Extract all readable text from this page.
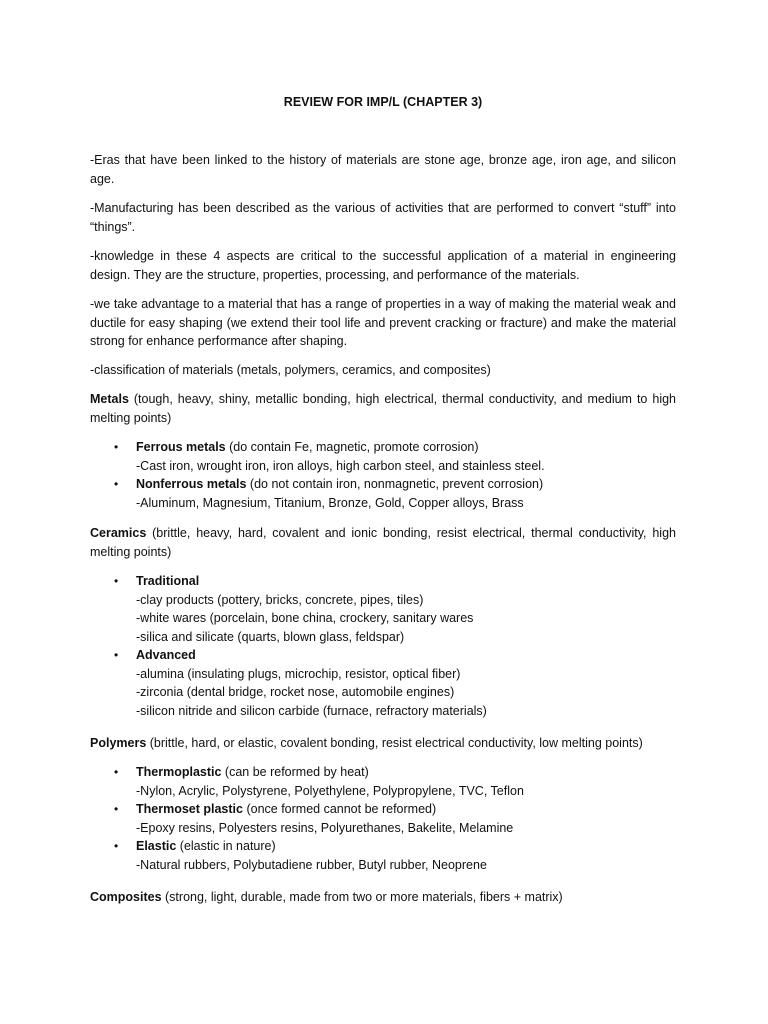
REVIEW FOR IMP/L (CHAPTER 3)

-Eras that have been linked to the history of materials are stone age, bronze age, iron age, and silicon age.

-Manufacturing has been described as the various of activities that are performed to convert “stuff” into “things”.

-knowledge in these 4 aspects are critical to the successful application of a material in engineering design. They are the structure, properties, processing, and performance of the materials.

-we take advantage to a material that has a range of properties in a way of making the material weak and ductile for easy shaping (we extend their tool life and prevent cracking or fracture) and make the material strong for enhance performance after shaping.

-classification of materials (metals, polymers, ceramics, and composites)

Metals (tough, heavy, shiny, metallic bonding, high electrical, thermal conductivity, and medium to high melting points)

• Ferrous metals (do contain Fe, magnetic, promote corrosion)
-Cast iron, wrought iron, iron alloys, high carbon steel, and stainless steel.
• Nonferrous metals (do not contain iron, nonmagnetic, prevent corrosion)
-Aluminum, Magnesium, Titanium, Bronze, Gold, Copper alloys, Brass

Ceramics (brittle, heavy, hard, covalent and ionic bonding, resist electrical, thermal conductivity, high melting points)

• Traditional
-clay products (pottery, bricks, concrete, pipes, tiles)
-white wares (porcelain, bone china, crockery, sanitary wares
-silica and silicate (quarts, blown glass, feldspar)
• Advanced
-alumina (insulating plugs, microchip, resistor, optical fiber)
-zirconia (dental bridge, rocket nose, automobile engines)
-silicon nitride and silicon carbide (furnace, refractory materials)

Polymers (brittle, hard, or elastic, covalent bonding, resist electrical conductivity, low melting points)

• Thermoplastic (can be reformed by heat)
-Nylon, Acrylic, Polystyrene, Polyethylene, Polypropylene, TVC, Teflon
• Thermoset plastic (once formed cannot be reformed)
-Epoxy resins, Polyesters resins, Polyurethanes, Bakelite, Melamine
• Elastic (elastic in nature)
-Natural rubbers, Polybutadiene rubber, Butyl rubber, Neoprene

Composites (strong, light, durable, made from two or more materials, fibers + matrix)
